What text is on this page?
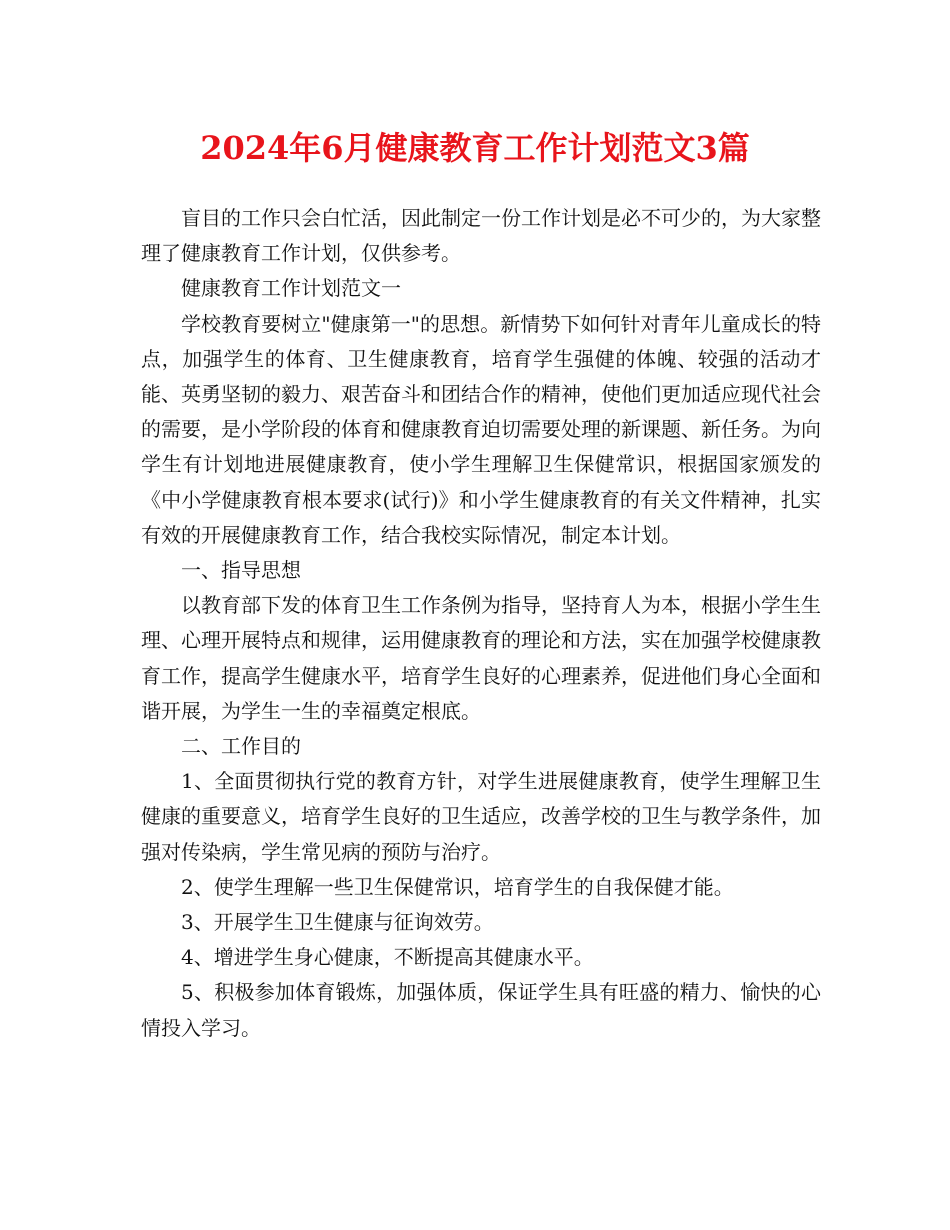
2024年6月健康教育工作计划范文3篇

盲目的工作只会白忙活，因此制定一份工作计划是必不可少的，为大家整理了健康教育工作计划，仅供参考。

健康教育工作计划范文一

学校教育要树立"健康第一"的思想。新情势下如何针对青年儿童成长的特点，加强学生的体育、卫生健康教育，培育学生强健的体魄、较强的活动才能、英勇坚韧的毅力、艰苦奋斗和团结合作的精神，使他们更加适应现代社会的需要，是小学阶段的体育和健康教育迫切需要处理的新课题、新任务。为向学生有计划地进展健康教育，使小学生理解卫生保健常识，根据国家颁发的《中小学健康教育根本要求(试行)》和小学生健康教育的有关文件精神，扎实有效的开展健康教育工作，结合我校实际情况，制定本计划。

一、指导思想

以教育部下发的体育卫生工作条例为指导，坚持育人为本，根据小学生生理、心理开展特点和规律，运用健康教育的理论和方法，实在加强学校健康教育工作，提高学生健康水平，培育学生良好的心理素养，促进他们身心全面和谐开展，为学生一生的幸福奠定根底。

二、工作目的

1、全面贯彻执行党的教育方针，对学生进展健康教育，使学生理解卫生健康的重要意义，培育学生良好的卫生适应，改善学校的卫生与教学条件，加强对传染病，学生常见病的预防与治疗。

2、使学生理解一些卫生保健常识，培育学生的自我保健才能。

3、开展学生卫生健康与征询效劳。

4、增进学生身心健康，不断提高其健康水平。

5、积极参加体育锻炼，加强体质，保证学生具有旺盛的精力、愉快的心情投入学习。
